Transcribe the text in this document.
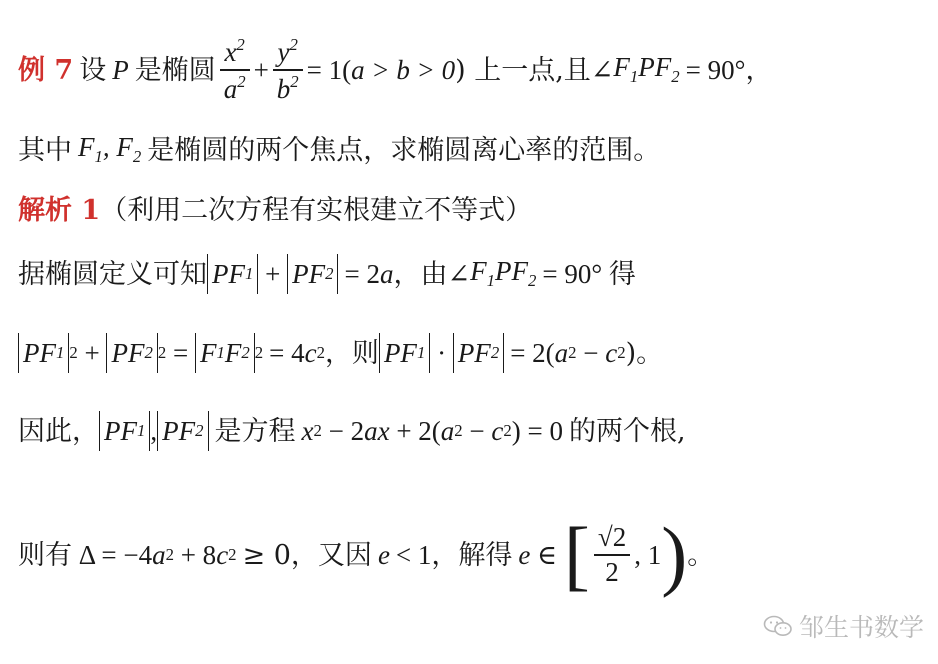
例 7 设 P 是椭圆 $\frac{x^2}{a^2} + \frac{y^2}{b^2} = 1$( a > b > 0 ) 上一点,且∠ $F_1PF_2 = 90^\circ$ ，
其中 $F_1$, $F_2$ 是椭圆的两个焦点，求椭圆离心率的范围。
解析 1 （利用二次方程有实根建立不等式）
据椭圆定义可知 PF 1 + PF 2 = 2 a ，由∠ $F_1PF_2 = 90^\circ$ 得
PF 1 2 + PF 2 2 = F 1 F 2 2 = 4 c 2 ，则 PF 1 · PF 2 = 2( a 2 − c 2 )。
因此， PF 1 , PF 2 是方程 x 2 − 2 ax + 2( a 2 − c 2 ) = 0 的两个根,
则有 Δ = −4 a 2
+ 8 c 2 ≥ 0，又因 e < 1，解得 e ∈ [ $\frac{√2}{2}$ , 1 ) 。
邹生书数学
